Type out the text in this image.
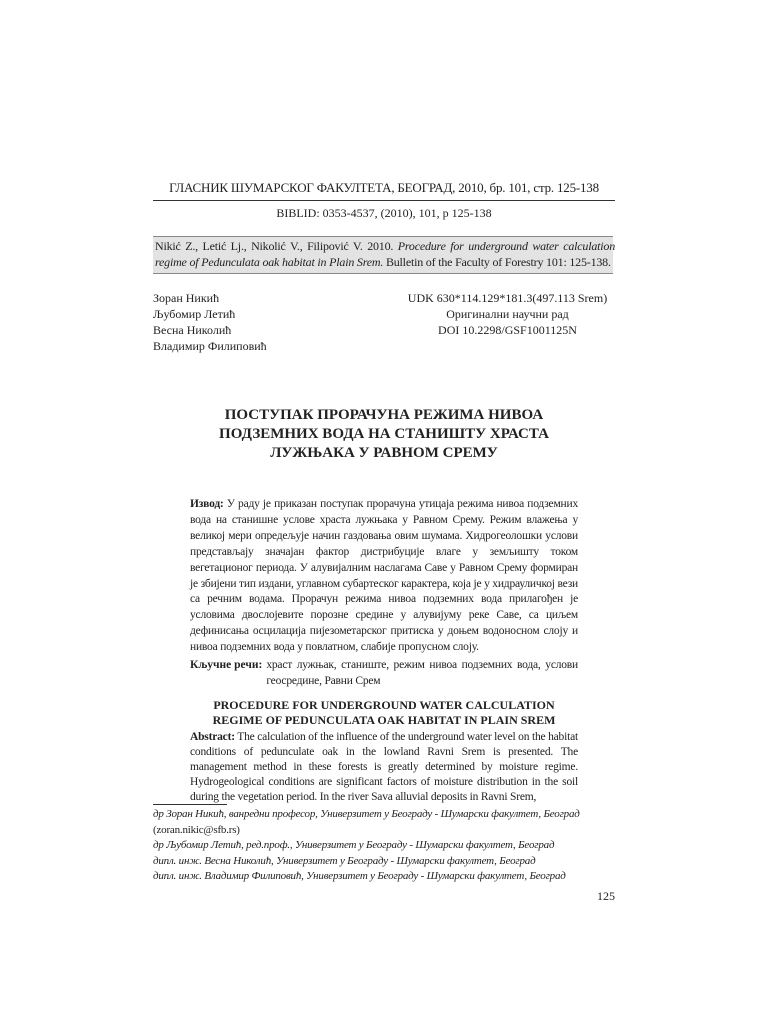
ГЛАСНИК ШУМАРСКОГ ФАКУЛТЕТА, БЕОГРАД, 2010, бр. 101, стр. 125-138
BIBLID: 0353-4537, (2010), 101, p 125-138
Nikić Z., Letić Lj., Nikolić V., Filipović V. 2010. Procedure for underground water calculation regime of Pedunculata oak habitat in Plain Srem. Bulletin of the Faculty of Forestry 101: 125-138.
Зоран Никић
Љубомир Летић
Весна Николић
Владимир Филиповић
UDK 630*114.129*181.3(497.113 Srem)
Оригинални научни рад
DOI 10.2298/GSF1001125N
ПОСТУПАК ПРОРАЧУНА РЕЖИМА НИВОА
ПОДЗЕМНИХ ВОДА НА СТАНИШТУ ХРАСТА
ЛУЖЊАКА У РАВНОМ СРЕМУ
Извод: У раду је приказан поступак прорачуна утицаја режима нивоа подземних вода на станишне услове храста лужњака у Равном Срему. Режим влажења у великој мери опредељује начин газдовања овим шумама. Хидрогеолошки услови представљају значајан фактор дистрибуције влаге у земљишту током вегетационог периода. У алувијалним наслагама Саве у Равном Срему формиран је збијени тип издани, углавном субартеског карактера, која је у хидрауличкој вези са речним водама. Прорачун режима нивоа подземних вода прилагођен је условима двослојевите порозне средине у алувијуму реке Саве, са циљем дефинисања осцилација пијезометарског притиска у доњем водоносном слоју и нивоа подземних вода у повлатном, слабије пропусном слоју.
Кључне речи: храст лужњак, станиште, режим нивоа подземних вода, услови геосредине, Равни Срем
PROCEDURE FOR UNDERGROUND WATER CALCULATION REGIME OF PEDUNCULATA OAK HABITAT IN PLAIN SREM
Abstract: The calculation of the influence of the underground water level on the habitat conditions of pedunculate oak in the lowland Ravni Srem is presented. The management method in these forests is greatly determined by moisture regime. Hydrogeological conditions are significant factors of moisture distribution in the soil during the vegetation period. In the river Sava alluvial deposits in Ravni Srem,
др Зоран Никић, ванредни професор, Универзитет у Београду - Шумарски факултет, Београд (zoran.nikic@sfb.rs)
др Љубомир Летић, ред.проф., Универзитет у Београду - Шумарски факултет, Београд
дипл. инж. Весна Николић, Универзитет у Београду - Шумарски факултет, Београд
дипл. инж. Владимир Филиповић, Универзитет у Београду - Шумарски факултет, Београд
125
